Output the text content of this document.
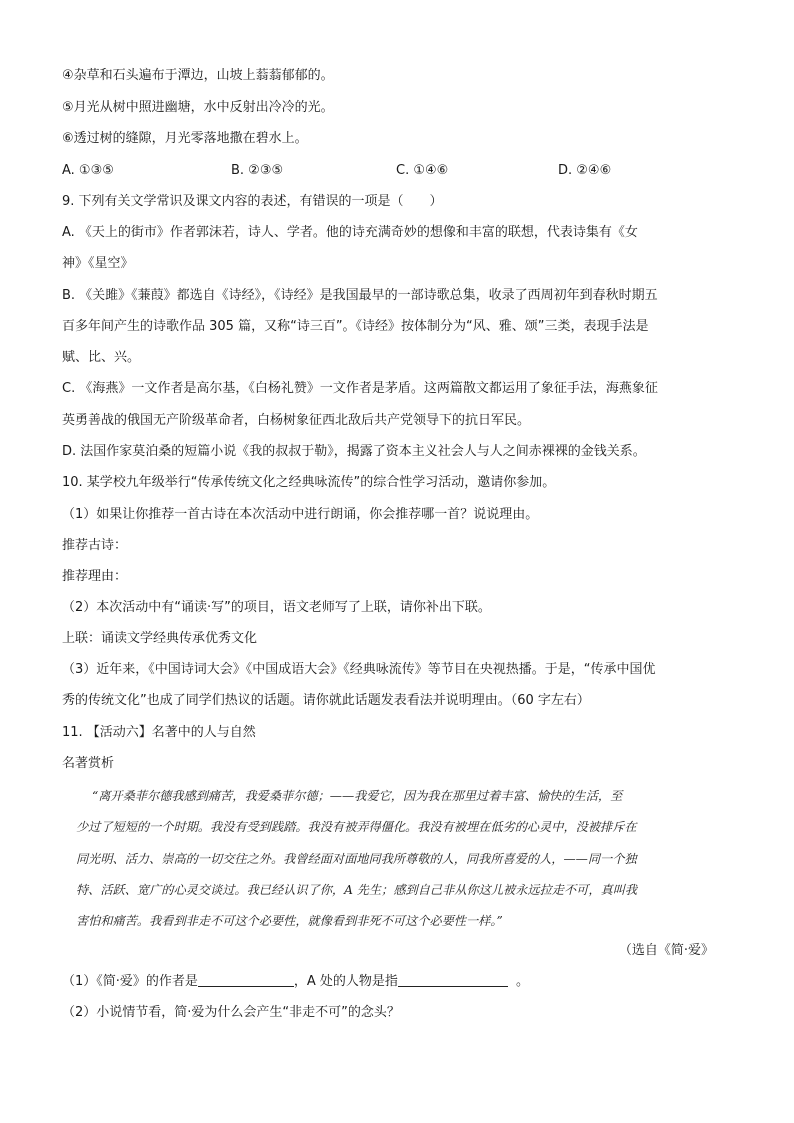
④杂草和石头遍布于潭边，山坡上蓊蓊郁郁的。
⑤月光从树中照进幽塘，水中反射出冷冷的光。
⑥透过树的缝隙，月光零落地撒在碧水上。
A. ①③⑤	B. ②③⑤	C. ①④⑥	D. ②④⑥
9. 下列有关文学常识及课文内容的表述，有错误的一项是（　　）
A. 《天上的街市》作者郭沫若，诗人、学者。他的诗充满奇妙的想像和丰富的联想，代表诗集有《女
神》《星空》
B. 《关雎》《蒹葭》都选自《诗经》，《诗经》是我国最早的一部诗歌总集，收录了西周初年到春秋时期五
百多年间产生的诗歌作品 305 篇，又称“诗三百”。《诗经》按体制分为“风、雅、颂”三类，表现手法是
赋、比、兴。
C. 《海燕》一文作者是高尔基，《白杨礼赞》一文作者是茅盾。这两篇散文都运用了象征手法，海燕象征
英勇善战的俄国无产阶级革命者，白杨树象征西北敌后共产党领导下的抗日军民。
D. 法国作家莫泊桑的短篇小说《我的叔叔于勒》，揭露了资本主义社会人与人之间赤裸裸的金钱关系。
10. 某学校九年级举行“传承传统文化之经典咏流传”的综合性学习活动，邀请你参加。
（1）如果让你推荐一首古诗在本次活动中进行朗诵，你会推荐哪一首？说说理由。
推荐古诗：
推荐理由：
（2）本次活动中有“诵读·写”的项目，语文老师写了上联，请你补出下联。
上联：诵读文学经典传承优秀文化
（3）近年来，《中国诗词大会》《中国成语大会》《经典咏流传》等节目在央视热播。于是，“传承中国优
秀的传统文化”也成了同学们热议的话题。请你就此话题发表看法并说明理由。（60 字左右）
11. 【活动六】名著中的人与自然
名著赏析
“离开桑菲尔德我感到痛苦，我爱桑菲尔德；——我爱它，因为我在那里过着丰富、愉快的生活，至
少过了短短的一个时期。我没有受到践踏。我没有被弄得僵化。我没有被埋在低劣的心灵中，没被排斥在
同光明、活力、崇高的一切交往之外。我曾经面对面地同我所尊敬的人，同我所喜爱的人，——同一个独
特、活跃、宽广的心灵交谈过。我已经认识了你，A 先生；感到自己非从你这儿被永远拉走不可，真叫我
害怕和痛苦。我看到非走不可这个必要性，就像看到非死不可这个必要性一样。”
（选自《简·爱》
（1）《简·爱》的作者是	，A 处的人物是指	。
（2）小说情节看，简·爱为什么会产生“非走不可”的念头？
